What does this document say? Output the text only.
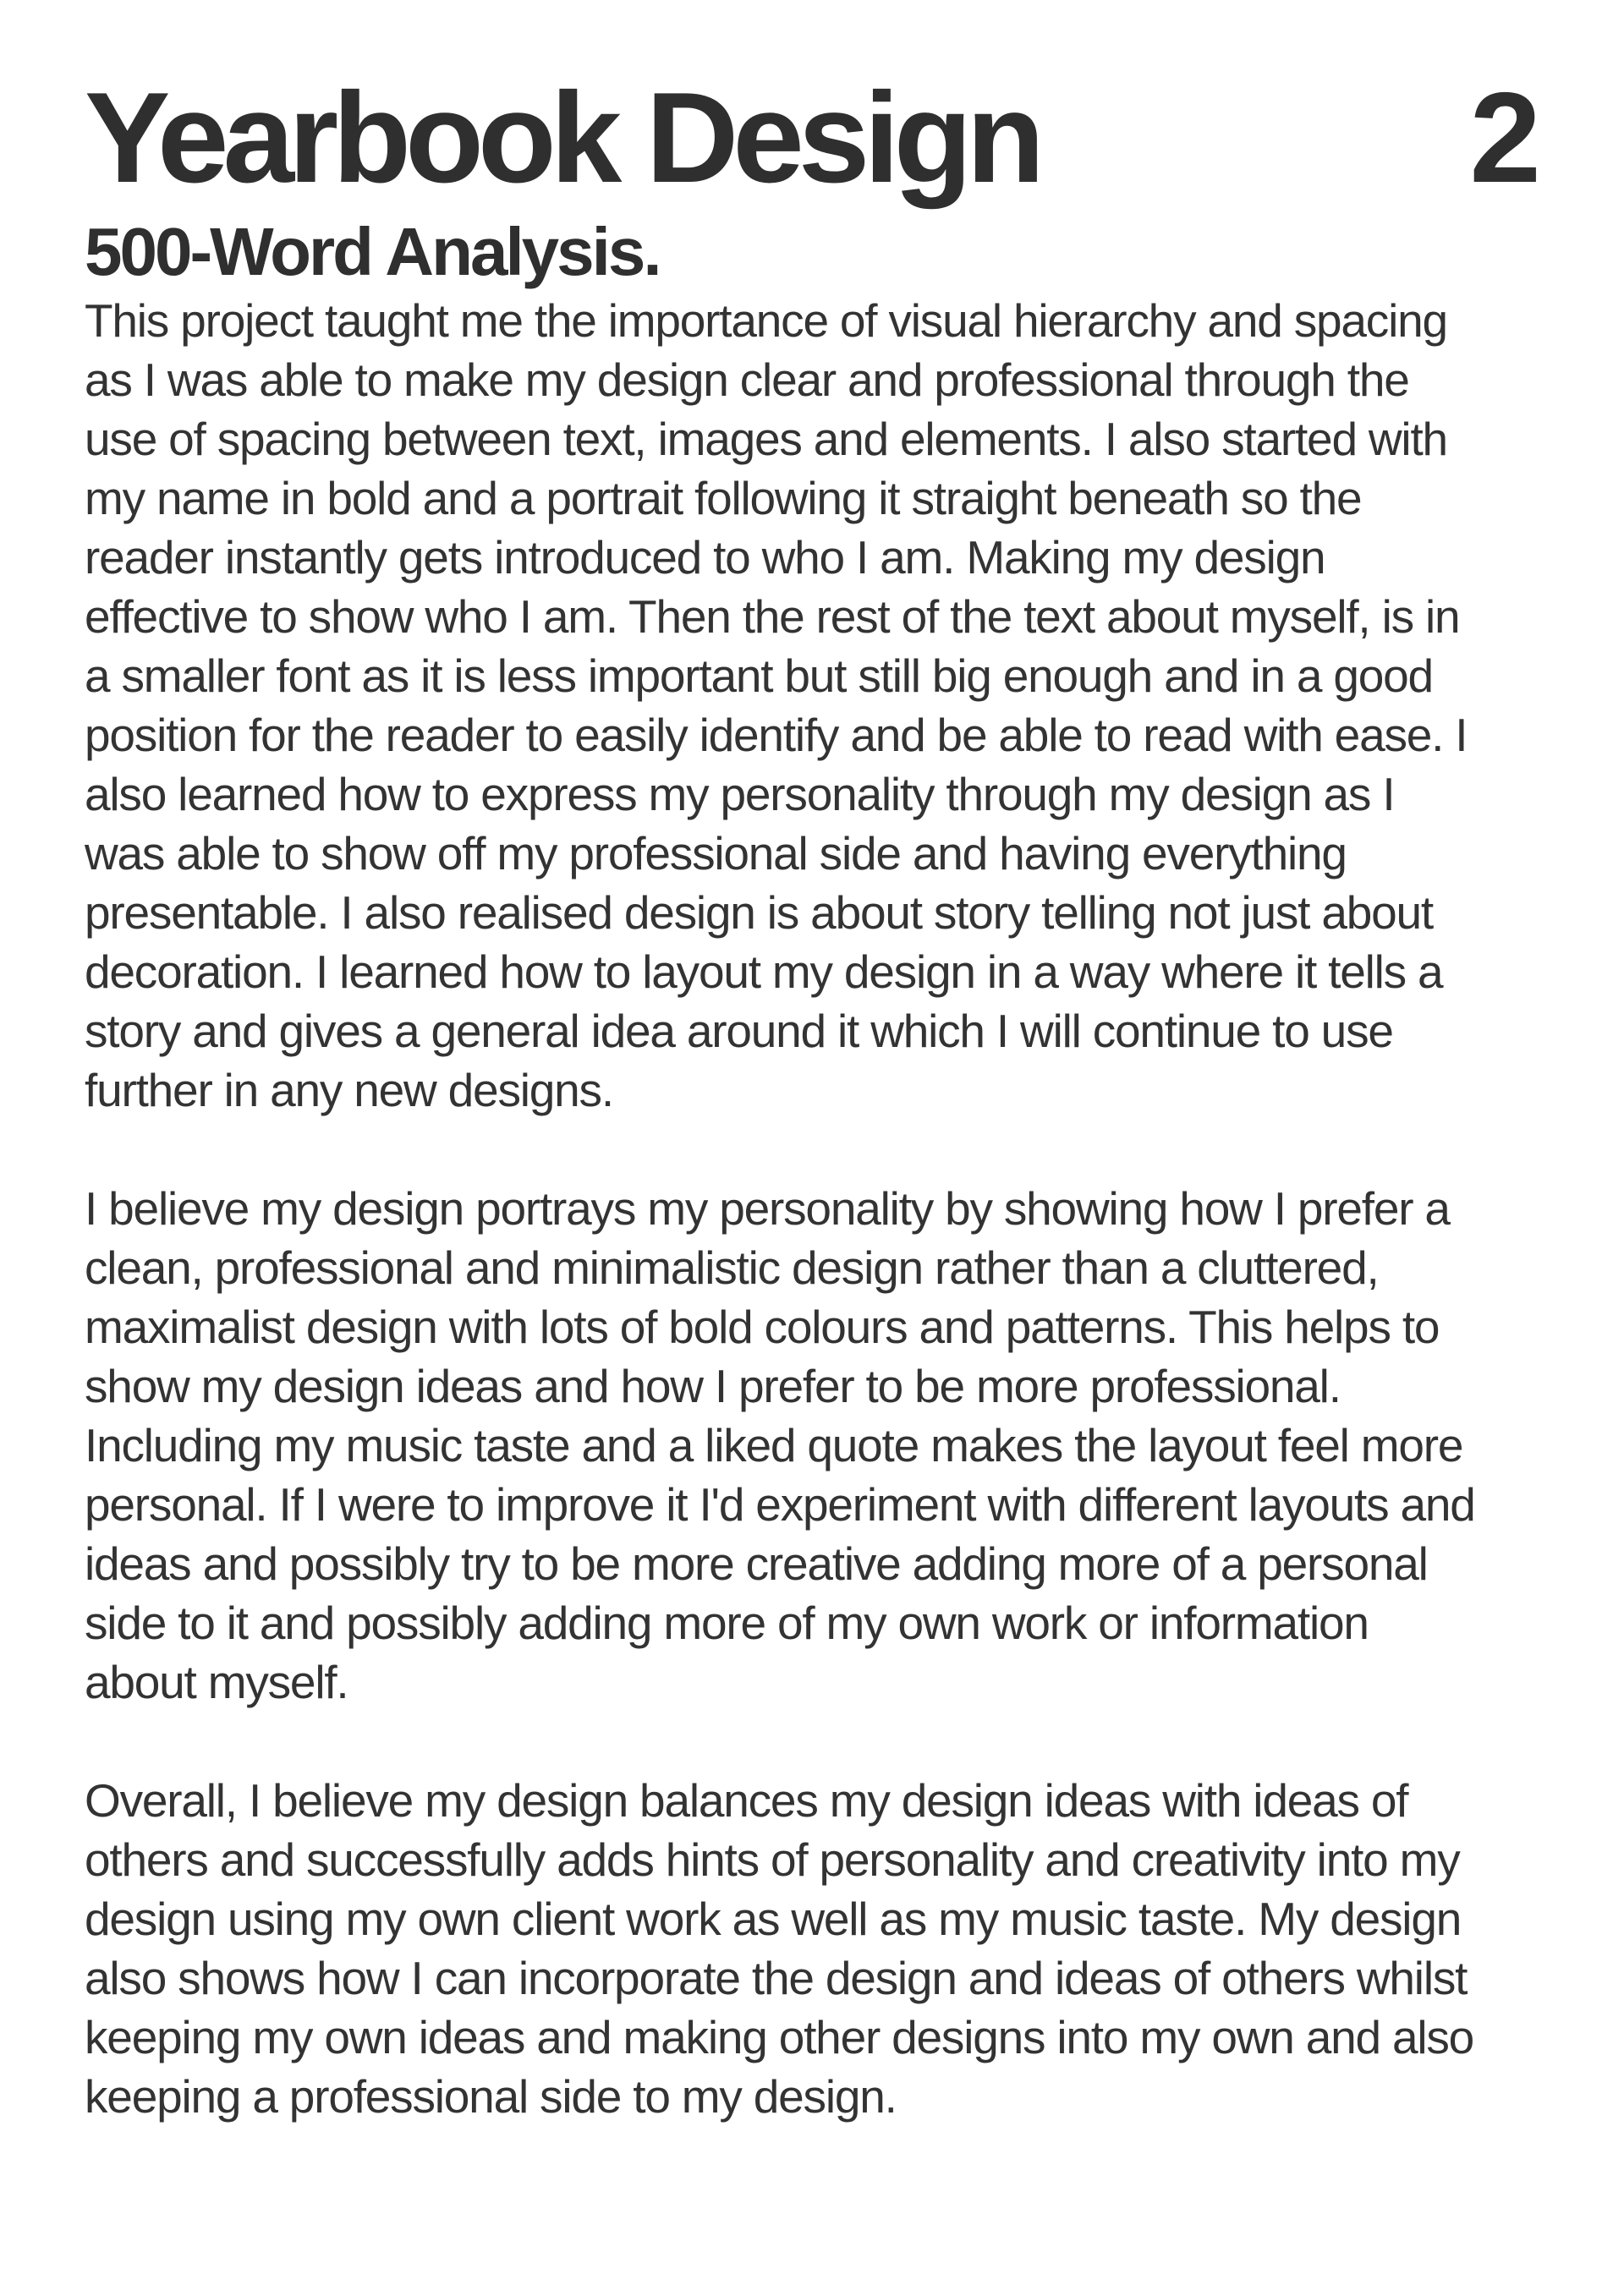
Yearbook Design	2
500-Word Analysis.

This project taught me the importance of visual hierarchy and spacing
as I was able to make my design clear and professional through the
use of spacing between text, images and elements. I also started with
my name in bold and a portrait following it straight beneath so the
reader instantly gets introduced to who I am. Making my design
effective to show who I am. Then the rest of the text about myself, is in
a smaller font as it is less important but still big enough and in a good
position for the reader to easily identify and be able to read with ease. I
also learned how to express my personality through my design as I
was able to show off my professional side and having everything
presentable. I also realised design is about story telling not just about
decoration. I learned how to layout my design in a way where it tells a
story and gives a general idea around it which I will continue to use
further in any new designs.

I believe my design portrays my personality by showing how I prefer a
clean, professional and minimalistic design rather than a cluttered,
maximalist design with lots of bold colours and patterns. This helps to
show my design ideas and how I prefer to be more professional.
Including my music taste and a liked quote makes the layout feel more
personal. If I were to improve it I'd experiment with different layouts and
ideas and possibly try to be more creative adding more of a personal
side to it and possibly adding more of my own work or information
about myself.

Overall, I believe my design balances my design ideas with ideas of
others and successfully adds hints of personality and creativity into my
design using my own client work as well as my music taste. My design
also shows how I can incorporate the design and ideas of others whilst
keeping my own ideas and making other designs into my own and also
keeping a professional side to my design.
